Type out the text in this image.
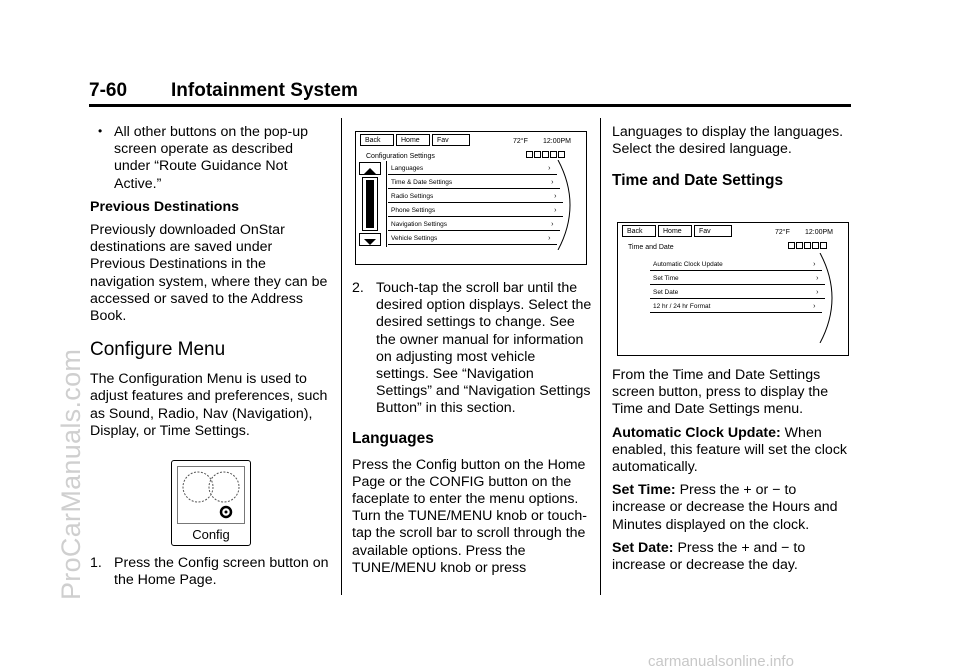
7-60 Infotainment System
• All other buttons on the pop-up screen operate as described under “Route Guidance Not Active.”

Previous Destinations

Previously downloaded OnStar destinations are saved under Previous Destinations in the navigation system, where they can be accessed or saved to the Address Book.

Configure Menu

The Configuration Menu is used to adjust features and preferences, such as Sound, Radio, Nav (Navigation), Display, or Time Settings.

Config
1. Press the Config screen button on the Home Page.
Back	Home	Fav	72°F 12:00PM
Configuration Settings
Languages	›
Time & Date Settings	›
Radio Settings	›
Phone Settings	›
Navigation Settings	›
Vehicle Settings	›
2. Touch-tap the scroll bar until the desired option displays. Select the desired settings to change. See the owner manual for information on adjusting most vehicle settings. See “Navigation Settings” and “Navigation Settings Button” in this section.
Languages

Press the Config button on the Home Page or the CONFIG button on the faceplate to enter the menu options. Turn the TUNE/MENU knob or touch-tap the scroll bar to scroll through the available options. Press the TUNE/MENU knob or press

Languages to display the languages. Select the desired language.

Time and Date Settings
Back	Home	Fav	72°F 12:00PM
Time and Date
Automatic Clock Update	›
Set Time	›
Set Date	›
12 hr / 24 hr Format	›

From the Time and Date Settings screen button, press to display the Time and Date Settings menu.

Automatic Clock Update: When enabled, this feature will set the clock automatically.

Set Time: Press the + or − to increase or decrease the Hours and Minutes displayed on the clock.

Set Date: Press the + and − to increase or decrease the day.

ProCarManuals.com
carmanualsonline.info
